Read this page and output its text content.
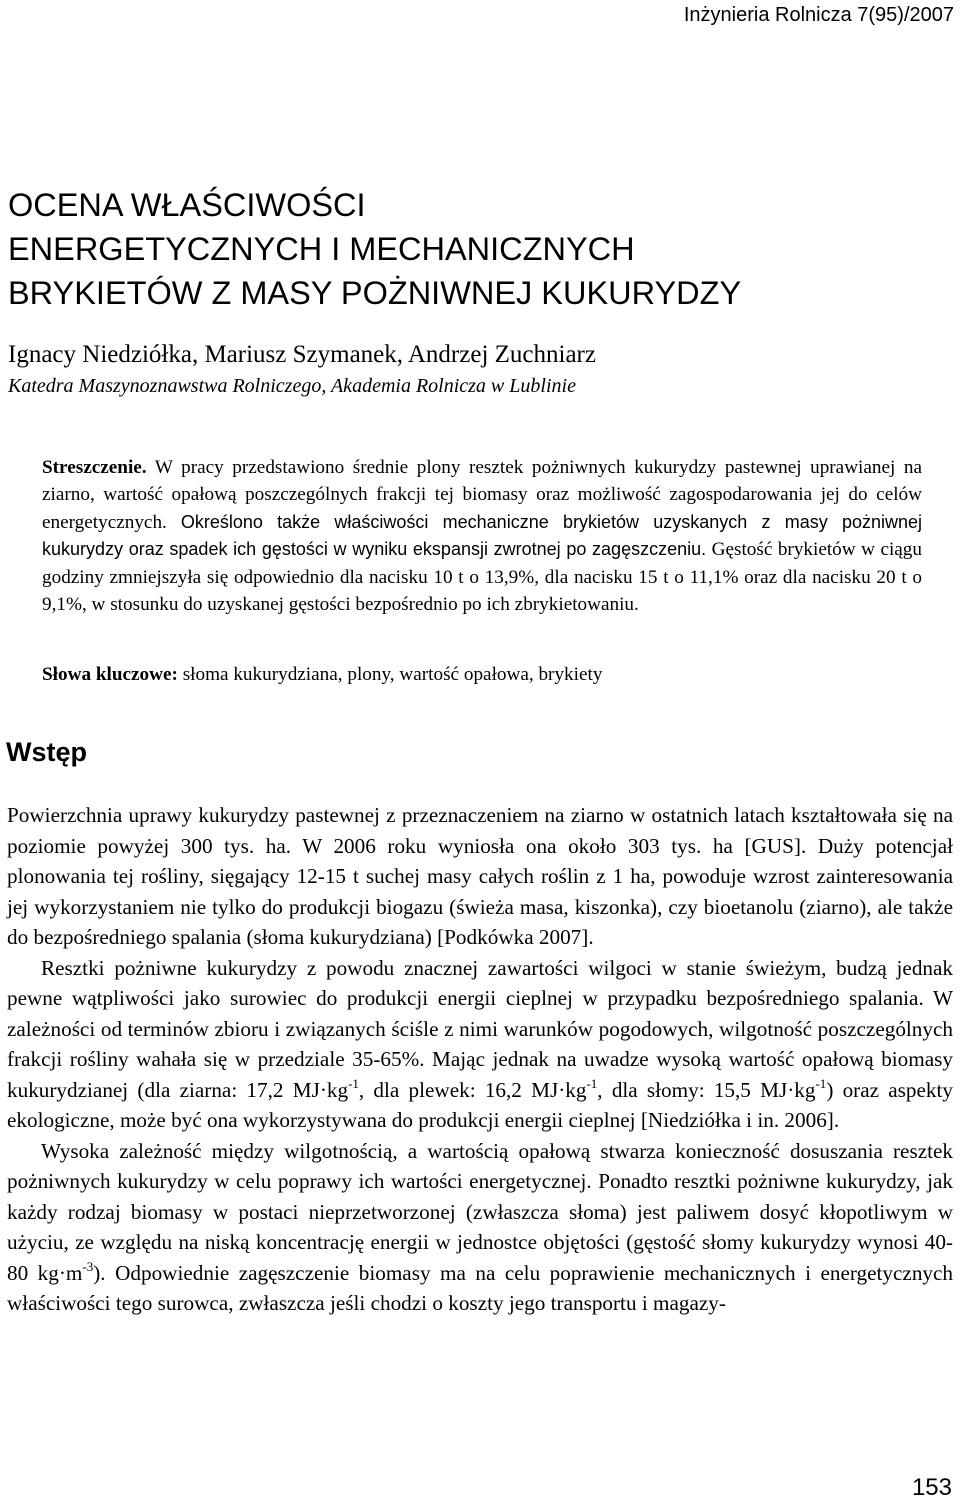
Inżynieria Rolnicza 7(95)/2007
OCENA WŁAŚCIWOŚCI
ENERGETYCZNYCH I MECHANICZNYCH
BRYKIETÓW Z MASY POŻNIWNEJ KUKURYDZY
Ignacy Niedziółka, Mariusz Szymanek, Andrzej Zuchniarz
Katedra Maszynoznawstwa Rolniczego, Akademia Rolnicza w Lublinie

Streszczenie. W pracy przedstawiono średnie plony resztek pożniwnych kukurydzy pastewnej uprawianej na ziarno, wartość opałową poszczególnych frakcji tej biomasy oraz możliwość zagospodarowania jej do celów energetycznych. Określono także właściwości mechaniczne brykietów uzyskanych z masy pożniwnej kukurydzy oraz spadek ich gęstości w wyniku ekspansji zwrotnej po zagęszczeniu. Gęstość brykietów w ciągu godziny zmniejszyła się odpowiednio dla nacisku 10 t o 13,9%, dla nacisku 15 t o 11,1% oraz dla nacisku 20 t o 9,1%, w stosunku do uzyskanej gęstości bezpośrednio po ich zbrykietowaniu.

Słowa kluczowe: słoma kukurydziana, plony, wartość opałowa, brykiety

Wstęp

Powierzchnia uprawy kukurydzy pastewnej z przeznaczeniem na ziarno w ostatnich latach kształtowała się na poziomie powyżej 300 tys. ha. W 2006 roku wyniosła ona około 303 tys. ha [GUS]. Duży potencjał plonowania tej rośliny, sięgający 12-15 t suchej masy całych roślin z 1 ha, powoduje wzrost zainteresowania jej wykorzystaniem nie tylko do produkcji biogazu (świeża masa, kiszonka), czy bioetanolu (ziarno), ale także do bezpośredniego spalania (słoma kukurydziana) [Podkówka 2007].

Resztki pożniwne kukurydzy z powodu znacznej zawartości wilgoci w stanie świeżym, budzą jednak pewne wątpliwości jako surowiec do produkcji energii cieplnej w przypadku bezpośredniego spalania. W zależności od terminów zbioru i związanych ściśle z nimi warunków pogodowych, wilgotność poszczególnych frakcji rośliny wahała się w przedziale 35-65%. Mając jednak na uwadze wysoką wartość opałową biomasy kukurydzianej (dla ziarna: 17,2 $MJ\cdot kg^{-1}$, dla plewek: 16,2 $MJ\cdot kg^{-1}$, dla słomy: 15,5 $MJ\cdot kg^{-1}$) oraz aspekty ekologiczne, może być ona wykorzystywana do produkcji energii cieplnej [Niedziółka i in. 2006].

Wysoka zależność między wilgotnością, a wartością opałową stwarza konieczność dosuszania resztek pożniwnych kukurydzy w celu poprawy ich wartości energetycznej. Ponadto resztki pożniwne kukurydzy, jak każdy rodzaj biomasy w postaci nieprzetworzonej (zwłaszcza słoma) jest paliwem dosyć kłopotliwym w użyciu, ze względu na niską koncentrację energii w jednostce objętości (gęstość słomy kukurydzy wynosi 40-80 $kg\cdot m^{-3}$). Odpowiednie zagęszczenie biomasy ma na celu poprawienie mechanicznych i energetycznych właściwości tego surowca, zwłaszcza jeśli chodzi o koszty jego transportu i magazy-

153
